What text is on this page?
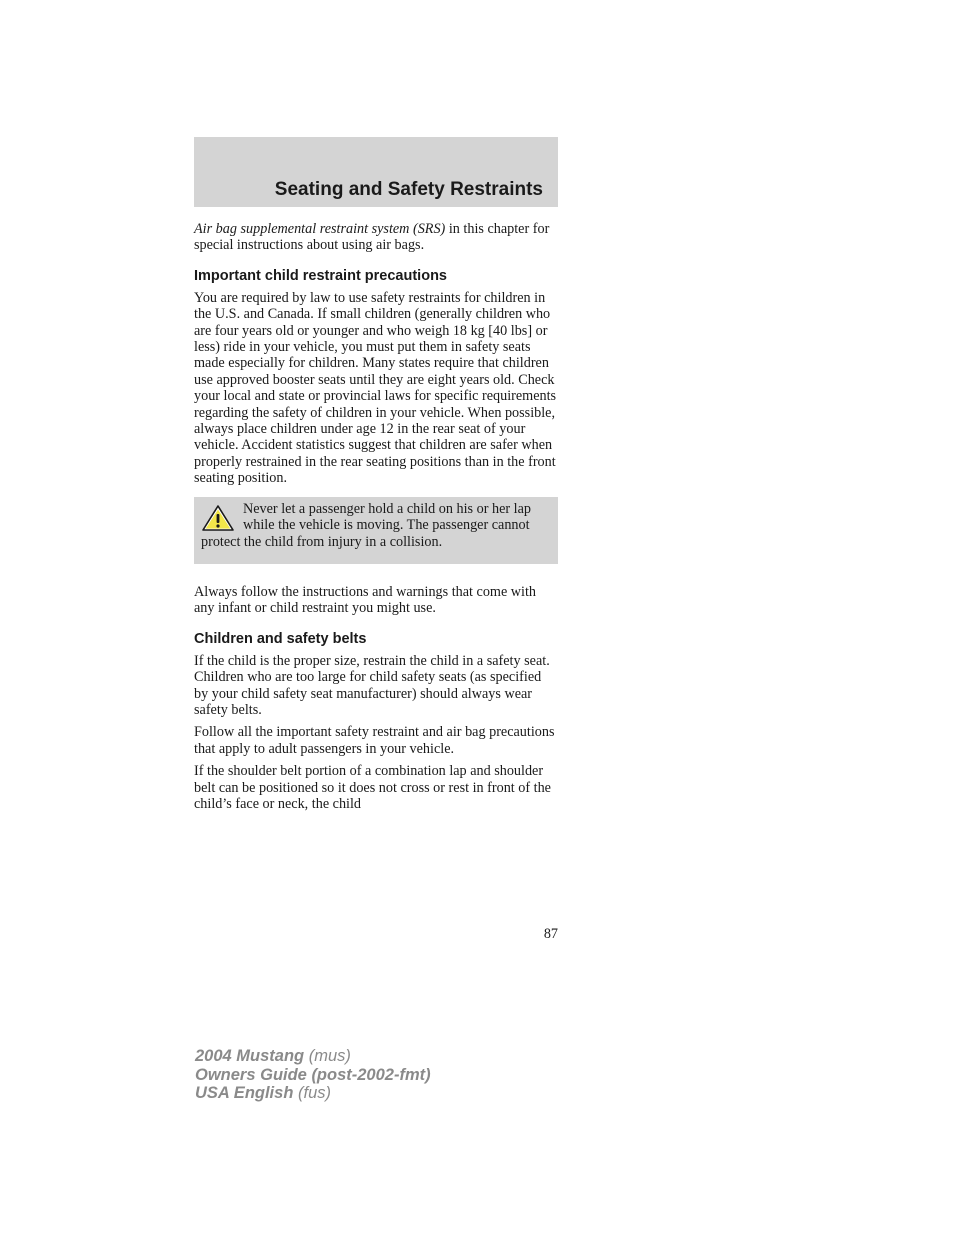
Seating and Safety Restraints

Air bag supplemental restraint system (SRS) in this chapter for special instructions about using air bags.

Important child restraint precautions

You are required by law to use safety restraints for children in the U.S. and Canada. If small children (generally children who are four years old or younger and who weigh 18 kg [40 lbs] or less) ride in your vehicle, you must put them in safety seats made especially for children. Many states require that children use approved booster seats until they are eight years old. Check your local and state or provincial laws for specific requirements regarding the safety of children in your vehicle. When possible, always place children under age 12 in the rear seat of your vehicle. Accident statistics suggest that children are safer when properly restrained in the rear seating positions than in the front seating position.

Never let a passenger hold a child on his or her lap while the vehicle is moving. The passenger cannot protect the child from injury in a collision.

Always follow the instructions and warnings that come with any infant or child restraint you might use.

Children and safety belts

If the child is the proper size, restrain the child in a safety seat. Children who are too large for child safety seats (as specified by your child safety seat manufacturer) should always wear safety belts.

Follow all the important safety restraint and air bag precautions that apply to adult passengers in your vehicle.

If the shoulder belt portion of a combination lap and shoulder belt can be positioned so it does not cross or rest in front of the child’s face or neck, the child

87
2004 Mustang (mus)
Owners Guide (post-2002-fmt)
USA English (fus)
